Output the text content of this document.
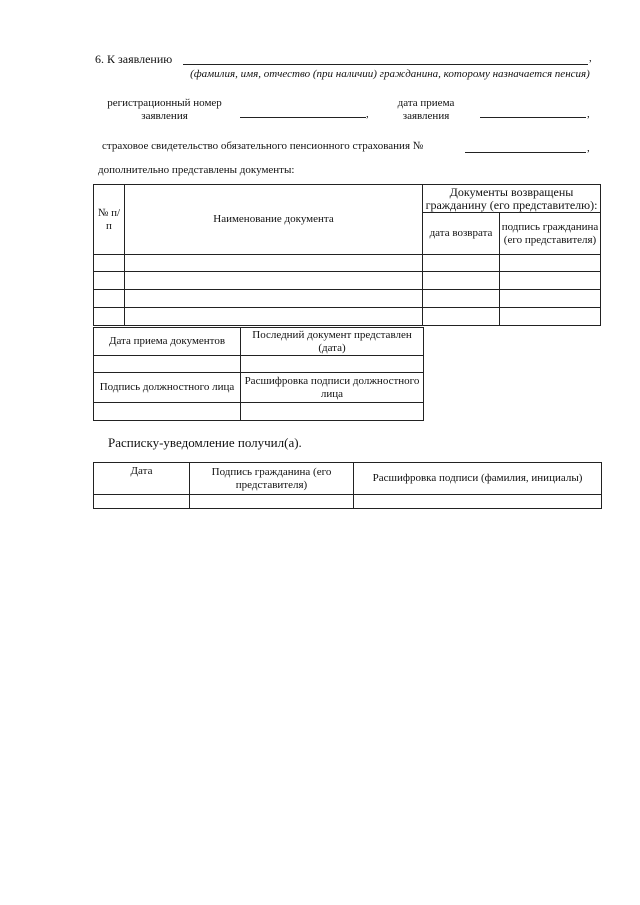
6. К заявлению	,
(фамилия, имя, отчество (при наличии) гражданина, которому назначается пенсия)
регистрационный номер заявления	,
дата приема заявления	,
страховое свидетельство обязательного пенсионного страхования №	,
дополнительно представлены документы:
№ п/п	Наименование документа	Документы возвращены гражданину (его представителю):	
		дата возврата	подпись гражданина (его представителя)

Дата приема документов	Последний документ представлен (дата)

Подпись должностного лица	Расшифровка подписи должностного лица

Расписку-уведомление получил(а).
Дата	Подпись гражданина (его представителя)	Расшифровка подписи (фамилия, инициалы)
